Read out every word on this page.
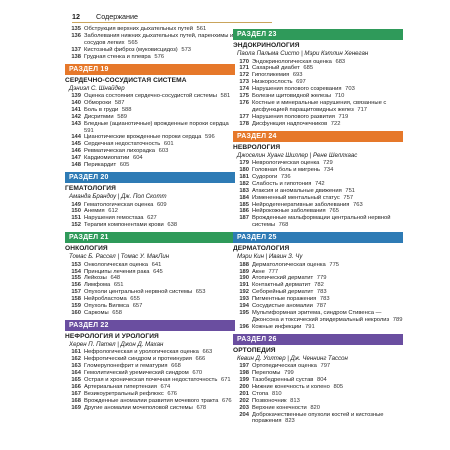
12 Содержание
135 Обструкция верхних дыхательных путей 561
136 Заболевания нижних дыхательных путей, паренхимы и сосудов легких 565
137 Кистозный фиброз (муковисцидоз) 573
138 Грудная стенка и плевра 576
РАЗДЕЛ 19
СЕРДЕЧНО-СОСУДИСТАЯ СИСТЕМА
Дэниэл С. Шнайдер
139 Оценка состояния сердечно-сосудистой системы 581
140 Обмороки 587
141 Боль в груди 588
142 Дисритмии 589
143 Бледные (ацианотичные) врожденные пороки сердца 591
144 Цианотические врожденные пороки сердца 596
145 Сердечная недостаточность 601
146 Ревматическая лихорадка 603
147 Кардиомиопатии 604
148 Перикардит 605
РАЗДЕЛ 20
ГЕМАТОЛОГИЯ
Аманда Брандоу | Дж. Пол Скотт
149 Гематологическая оценка 609
150 Анемия 612
151 Нарушения гемостаза 627
152 Терапия компонентами крови 638
РАЗДЕЛ 21
ОНКОЛОГИЯ
Томас Б. Рассел | Томас У. МакЛин
153 Онкологическая оценка 641
154 Принципы лечения рака 645
155 Лейкозы 648
156 Лимфома 651
157 Опухоли центральной нервной системы 653
158 Нейробластома 655
159 Опухоль Вилмса 657
160 Саркомы 658
РАЗДЕЛ 22
НЕФРОЛОГИЯ И УРОЛОГИЯ
Херен П. Пател | Джон Д. Махан
161 Нефрологическая и урологическая оценка 663
162 Нефротический синдром и протеинурия 666
163 Гломерулонефрит и гематурия 668
164 Гемолитический уремический синдром 670
165 Острая и хроническая почечная недостаточность 671
166 Артериальная гипертензия 674
167 Везикоуретральный рефлюкс 676
168 Врожденные аномалии развития мочевого тракта 676
169 Другие аномалии мочеполовой системы 678
РАЗДЕЛ 23
ЭНДОКРИНОЛОГИЯ
Паола Пальма Систо | Мэри Кэтлин Хенеган
170 Эндокринологическая оценка 683
171 Сахарный диабет 685
172 Гипогликемия 693
173 Низкорослость 697
174 Нарушения полового созревания 703
175 Болезни щитовидной железы 710
176 Костные и минеральные нарушения, связанные с дисфункцией паращитовидных желез 717
177 Нарушения полового развития 719
178 Дисфункция надпочечников 722
РАЗДЕЛ 24
НЕВРОЛОГИЯ
Джоселин Хуанг Шиллер | Рене Шеллхаас
179 Неврологическая оценка 729
180 Головная боль и мигрень 734
181 Судороги 736
182 Слабость и гипотония 742
183 Атаксия и аномальные движения 751
184 Измененный ментальный статус 757
185 Нейродегенеративные заболевания 763
186 Нейрокожные заболевания 765
187 Врожденные мальформации центральной нервной системы 768
РАЗДЕЛ 25
ДЕРМАТОЛОГИЯ
Мэри Кин | Иваин З. Чу
188 Дерматологическая оценка 775
189 Акне 777
190 Атопический дерматит 779
191 Контактный дерматит 782
192 Себорейный дерматит 783
193 Пигментные поражения 783
194 Сосудистые аномалии 787
195 Мультиформная эритема, синдром Стивенса — Джонсона и токсический эпидермальный некролиз 789
196 Кожные инфекции 791
РАЗДЕЛ 26
ОРТОПЕДИЯ
Кевин Д. Уолтер | Дж. Ченнинг Тассон
197 Ортопедическая оценка 797
198 Переломы 799
199 Тазобедренный сустав 804
200 Нижние конечность и колено 805
201 Стопа 810
202 Позвоночник 813
203 Верхние конечности 820
204 Доброкачественные опухоли костей и кистозные поражения 823
